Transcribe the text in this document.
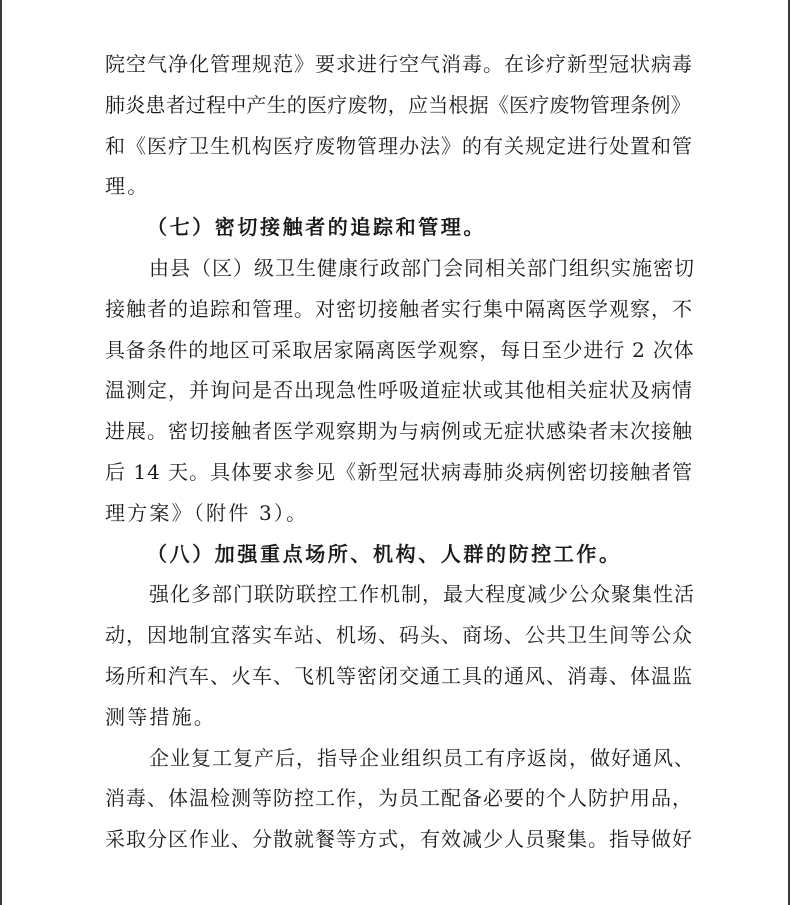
院空气净化管理规范》要求进行空气消毒。在诊疗新型冠状病毒
肺炎患者过程中产生的医疗废物，应当根据《医疗废物管理条例》
和《医疗卫生机构医疗废物管理办法》的有关规定进行处置和管
理。
（七）密切接触者的追踪和管理。
由县（区）级卫生健康行政部门会同相关部门组织实施密切
接触者的追踪和管理。对密切接触者实行集中隔离医学观察，不
具备条件的地区可采取居家隔离医学观察，每日至少进行 2 次体
温测定，并询问是否出现急性呼吸道症状或其他相关症状及病情
进展。密切接触者医学观察期为与病例或无症状感染者末次接触
后 14 天。具体要求参见《新型冠状病毒肺炎病例密切接触者管
理方案》（附件 3）。
（八）加强重点场所、机构、人群的防控工作。
强化多部门联防联控工作机制，最大程度减少公众聚集性活
动，因地制宜落实车站、机场、码头、商场、公共卫生间等公众
场所和汽车、火车、飞机等密闭交通工具的通风、消毒、体温监
测等措施。
企业复工复产后，指导企业组织员工有序返岗，做好通风、
消毒、体温检测等防控工作，为员工配备必要的个人防护用品，
采取分区作业、分散就餐等方式，有效减少人员聚集。指导做好
